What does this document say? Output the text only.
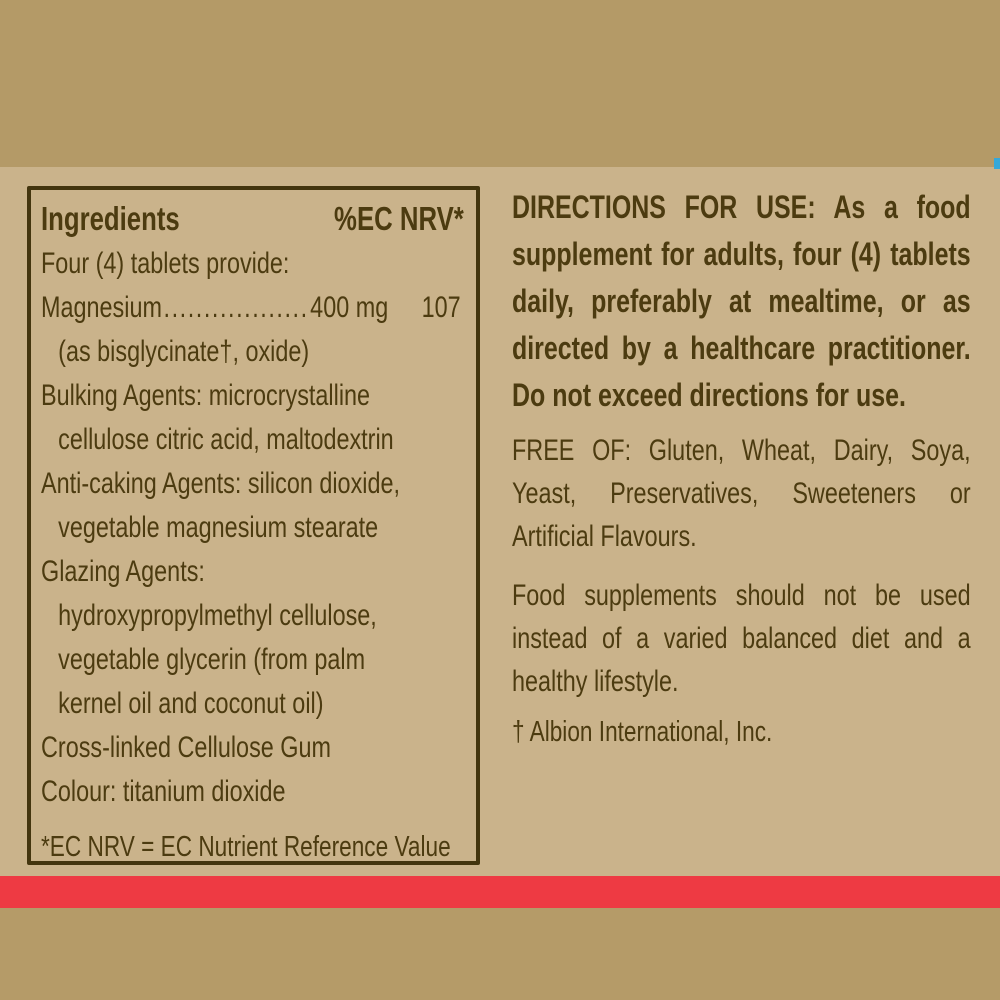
Ingredients	%EC NRV*
Four (4) tablets provide:
Magnesium .................. 400 mg 107
(as bisglycinate†, oxide)
Bulking Agents: microcrystalline
cellulose citric acid, maltodextrin
Anti-caking Agents: silicon dioxide,
vegetable magnesium stearate
Glazing Agents:
hydroxypropylmethyl cellulose,
vegetable glycerin (from palm
kernel oil and coconut oil)
Cross-linked Cellulose Gum
Colour: titanium dioxide
*EC NRV = EC Nutrient Reference Value

DIRECTIONS FOR USE: As a food supplement for adults, four (4) tablets daily, preferably at mealtime, or as directed by a healthcare practitioner. Do not exceed directions for use.

FREE OF: Gluten, Wheat, Dairy, Soya, Yeast, Preservatives, Sweeteners or Artificial Flavours.

Food supplements should not be used instead of a varied balanced diet and a healthy lifestyle.

† Albion International, Inc.
